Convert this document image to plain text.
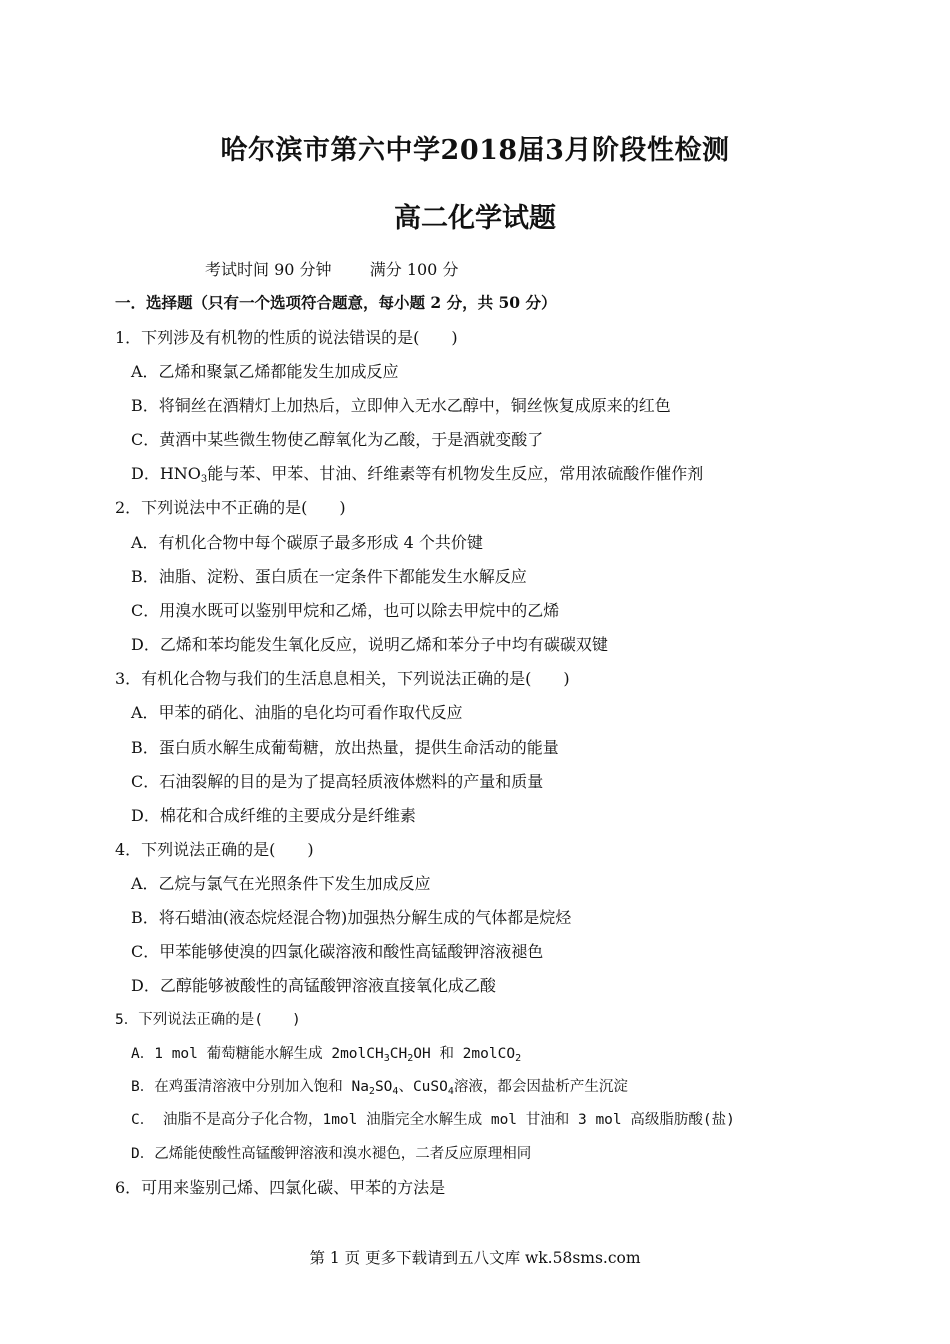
哈尔滨市第六中学2018届3月阶段性检测
高二化学试题
考试时间 90 分钟 满分 100 分
一．选择题（只有一个选项符合题意，每小题 2 分，共 50 分）
1．下列涉及有机物的性质的说法错误的是(　　)
A．乙烯和聚氯乙烯都能发生加成反应
B．将铜丝在酒精灯上加热后，立即伸入无水乙醇中，铜丝恢复成原来的红色
C．黄酒中某些微生物使乙醇氧化为乙酸，于是酒就变酸了
D．$HNO_3$能与苯、甲苯、甘油、纤维素等有机物发生反应，常用浓硫酸作催作剂
2．下列说法中不正确的是(　　)
A．有机化合物中每个碳原子最多形成 4 个共价键
B．油脂、淀粉、蛋白质在一定条件下都能发生水解反应
C．用溴水既可以鉴别甲烷和乙烯，也可以除去甲烷中的乙烯
D．乙烯和苯均能发生氧化反应，说明乙烯和苯分子中均有碳碳双键
3．有机化合物与我们的生活息息相关，下列说法正确的是(　　)
A．甲苯的硝化、油脂的皂化均可看作取代反应
B．蛋白质水解生成葡萄糖，放出热量，提供生命活动的能量
C．石油裂解的目的是为了提高轻质液体燃料的产量和质量
D．棉花和合成纤维的主要成分是纤维素
4．下列说法正确的是(　　)
A．乙烷与氯气在光照条件下发生加成反应
B．将石蜡油(液态烷烃混合物)加强热分解生成的气体都是烷烃
C．甲苯能够使溴的四氯化碳溶液和酸性高锰酸钾溶液褪色
D．乙醇能够被酸性的高锰酸钾溶液直接氧化成乙酸
5．下列说法正确的是(　　)
A．1 mol 葡萄糖能水解生成 $2molCH_3CH_2OH$ 和 2molCO$_2$
B．在鸡蛋清溶液中分别加入饱和 $Na_2SO_4$、CuSO$_4$溶液，都会因盐析产生沉淀
C． 油脂不是高分子化合物，1mol 油脂完全水解生成 mol 甘油和 3 mol 高级脂肪酸(盐)
D．乙烯能使酸性高锰酸钾溶液和溴水褪色，二者反应原理相同
6．可用来鉴别己烯、四氯化碳、甲苯的方法是
第 1 页 更多下载请到五八文库 wk.58sms.com
